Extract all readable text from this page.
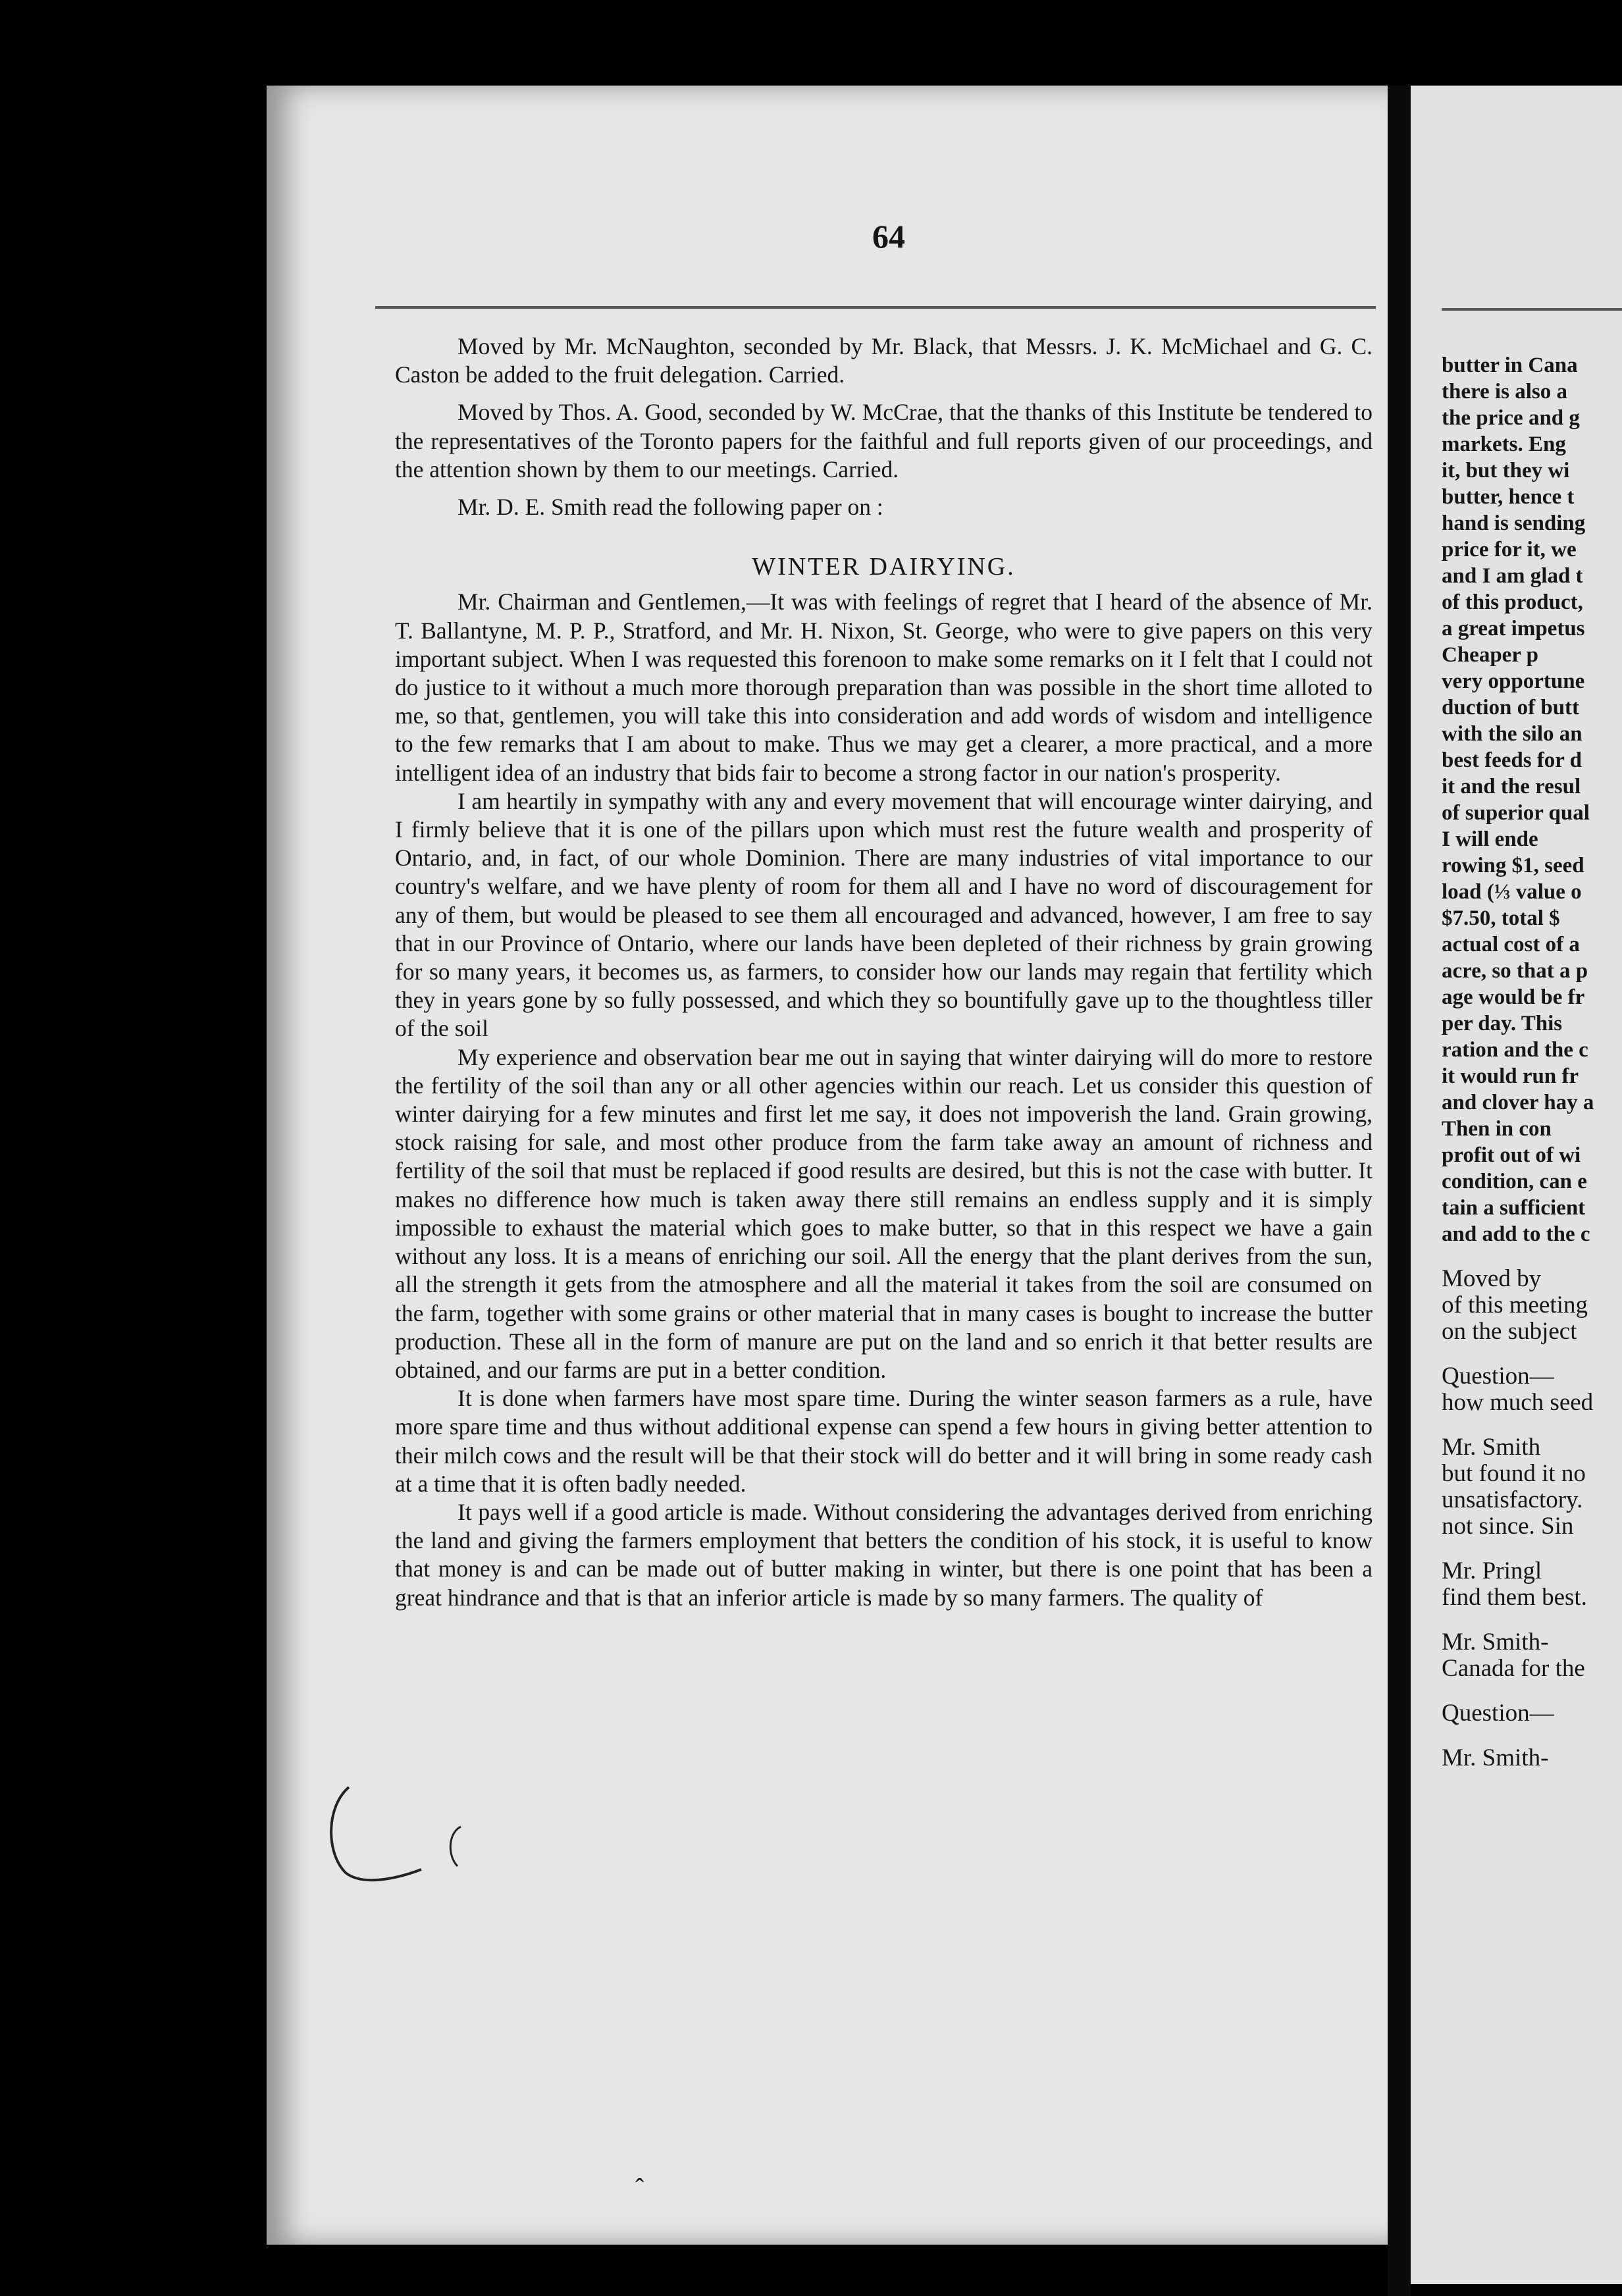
64

Moved by Mr. McNaughton, seconded by Mr. Black, that Messrs. J. K. McMichael and G. C. Caston be added to the fruit delegation. Carried.

Moved by Thos. A. Good, seconded by W. McCrae, that the thanks of this Institute be tendered to the representatives of the Toronto papers for the faithful and full reports given of our proceedings, and the attention shown by them to our meetings. Carried.

Mr. D. E. Smith read the following paper on :

WINTER DAIRYING.

Mr. Chairman and Gentlemen,—It was with feelings of regret that I heard of the absence of Mr. T. Ballantyne, M. P. P., Stratford, and Mr. H. Nixon, St. George, who were to give papers on this very important subject. When I was requested this forenoon to make some remarks on it I felt that I could not do justice to it without a much more thorough preparation than was possible in the short time alloted to me, so that, gentlemen, you will take this into consideration and add words of wisdom and intelligence to the few remarks that I am about to make. Thus we may get a clearer, a more practical, and a more intelligent idea of an industry that bids fair to become a strong factor in our nation's prosperity.

I am heartily in sympathy with any and every movement that will encourage winter dairying, and I firmly believe that it is one of the pillars upon which must rest the future wealth and prosperity of Ontario, and, in fact, of our whole Dominion. There are many industries of vital importance to our country's welfare, and we have plenty of room for them all and I have no word of discouragement for any of them, but would be pleased to see them all encouraged and advanced, however, I am free to say that in our Province of Ontario, where our lands have been depleted of their richness by grain growing for so many years, it becomes us, as farmers, to consider how our lands may regain that fertility which they in years gone by so fully possessed, and which they so bountifully gave up to the thoughtless tiller of the soil

My experience and observation bear me out in saying that winter dairying will do more to restore the fertility of the soil than any or all other agencies within our reach. Let us consider this question of winter dairying for a few minutes and first let me say, it does not impoverish the land. Grain growing, stock raising for sale, and most other produce from the farm take away an amount of richness and fertility of the soil that must be replaced if good results are desired, but this is not the case with butter. It makes no difference how much is taken away there still remains an endless supply and it is simply impossible to exhaust the material which goes to make butter, so that in this respect we have a gain without any loss. It is a means of enriching our soil. All the energy that the plant derives from the sun, all the strength it gets from the atmosphere and all the material it takes from the soil are consumed on the farm, together with some grains or other material that in many cases is bought to increase the butter production. These all in the form of manure are put on the land and so enrich it that better results are obtained, and our farms are put in a better condition.

It is done when farmers have most spare time. During the winter season farmers as a rule, have more spare time and thus without additional expense can spend a few hours in giving better attention to their milch cows and the result will be that their stock will do better and it will bring in some ready cash at a time that it is often badly needed.

It pays well if a good article is made. Without considering the advantages derived from enriching the land and giving the farmers employment that betters the condition of his stock, it is useful to know that money is and can be made out of butter making in winter, but there is one point that has been a great hindrance and that is that an inferior article is made by so many farmers. The quality of

butter in Cana
there is also a
the price and g
markets. Eng
it, but they wi
butter, hence t
hand is sending
price for it, we
and I am glad t
of this product,
a great impetus
Cheaper p
very opportune
duction of butt
with the silo an
best feeds for d
it and the resul
of superior qual
I will ende
rowing $1, seed
load (⅓ value o
$7.50, total $
actual cost of a
acre, so that a p
age would be fr
per day. This
ration and the c
it would run fr
and clover hay a
Then in con
profit out of wi
condition, can e
tain a sufficient
and add to the c
Moved by
of this meeting
on the subject
Question—
how much seed
Mr. Smith
but found it no
unsatisfactory.
not since. Sin
Mr. Pringl
find them best.
Mr. Smith-
Canada for the
Question—
Mr. Smith-
ˆ
